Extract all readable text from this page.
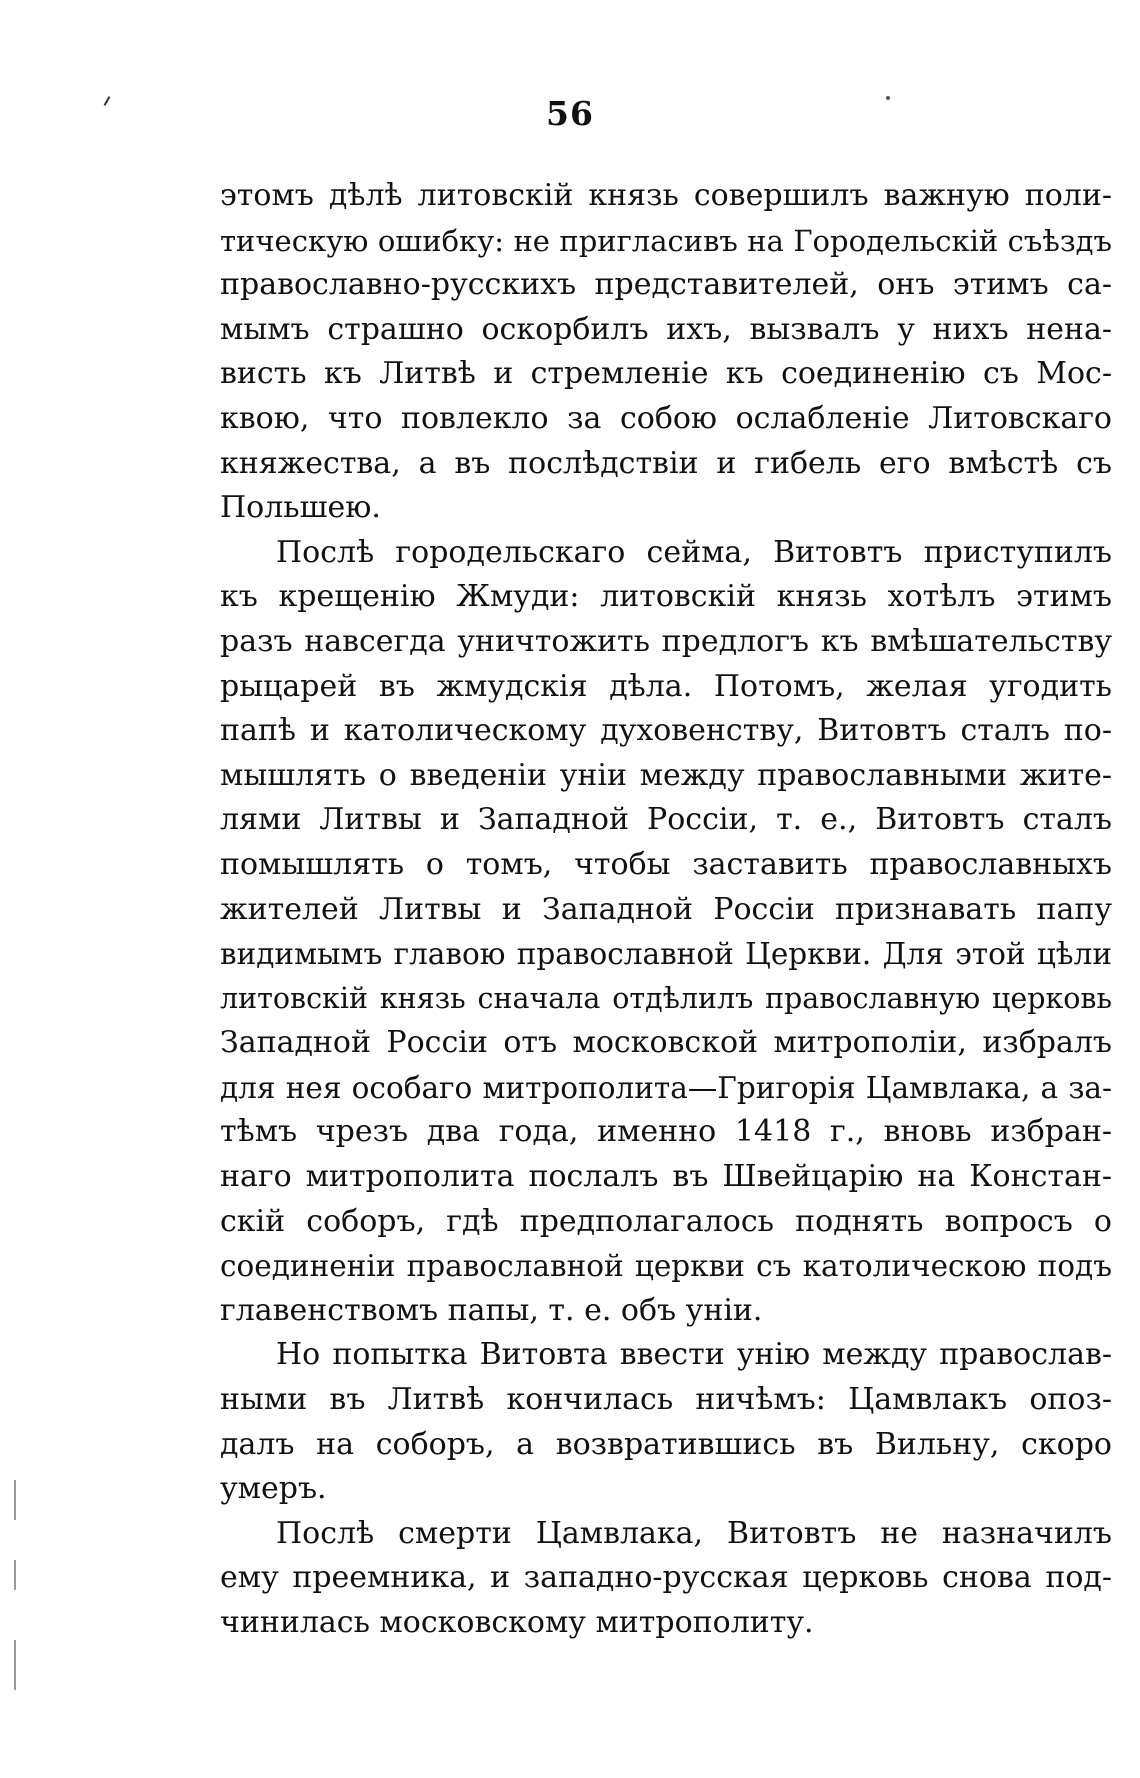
56
этомъ дѣлѣ литовскій князь совершилъ важную поли-
тическую ошибку: не пригласивъ на Городельскій съѣздъ
православно-русскихъ представителей, онъ этимъ са-
мымъ страшно оскорбилъ ихъ, вызвалъ у нихъ нена-
висть къ Литвѣ и стремленіе къ соединенію съ Мос-
квою, что повлекло за собою ослабленіе Литовскаго
княжества, а въ послѣдствіи и гибель его вмѣстѣ съ
Польшею.
Послѣ городельскаго сейма, Витовтъ приступилъ
къ крещенію Жмуди: литовскій князь хотѣлъ этимъ
разъ навсегда уничтожить предлогъ къ вмѣшательству
рыцарей въ жмудскія дѣла. Потомъ, желая угодить
папѣ и католическому духовенству, Витовтъ сталъ по-
мышлять о введеніи уніи между православными жите-
лями Литвы и Западной Россіи, т. е., Витовтъ сталъ
помышлять о томъ, чтобы заставить православныхъ
жителей Литвы и Западной Россіи признавать папу
видимымъ главою православной Церкви. Для этой цѣли
литовскій князь сначала отдѣлилъ православную церковь
Западной Россіи отъ московской митрополіи, избралъ
для нея особаго митрополита—Григорія Цамвлака, а за-
тѣмъ чрезъ два года, именно 1418 г., вновь избран-
наго митрополита послалъ въ Швейцарію на Констан-
скій соборъ, гдѣ предполагалось поднять вопросъ о
соединеніи православной церкви съ католическою подъ
главенствомъ папы, т. е. объ уніи.
Но попытка Витовта ввести унію между православ-
ными въ Литвѣ кончилась ничѣмъ: Цамвлакъ опоз-
далъ на соборъ, а возвратившись въ Вильну, скоро
умеръ.
Послѣ смерти Цамвлака, Витовтъ не назначилъ
ему преемника, и западно-русская церковь снова под-
чинилась московскому митрополиту.
